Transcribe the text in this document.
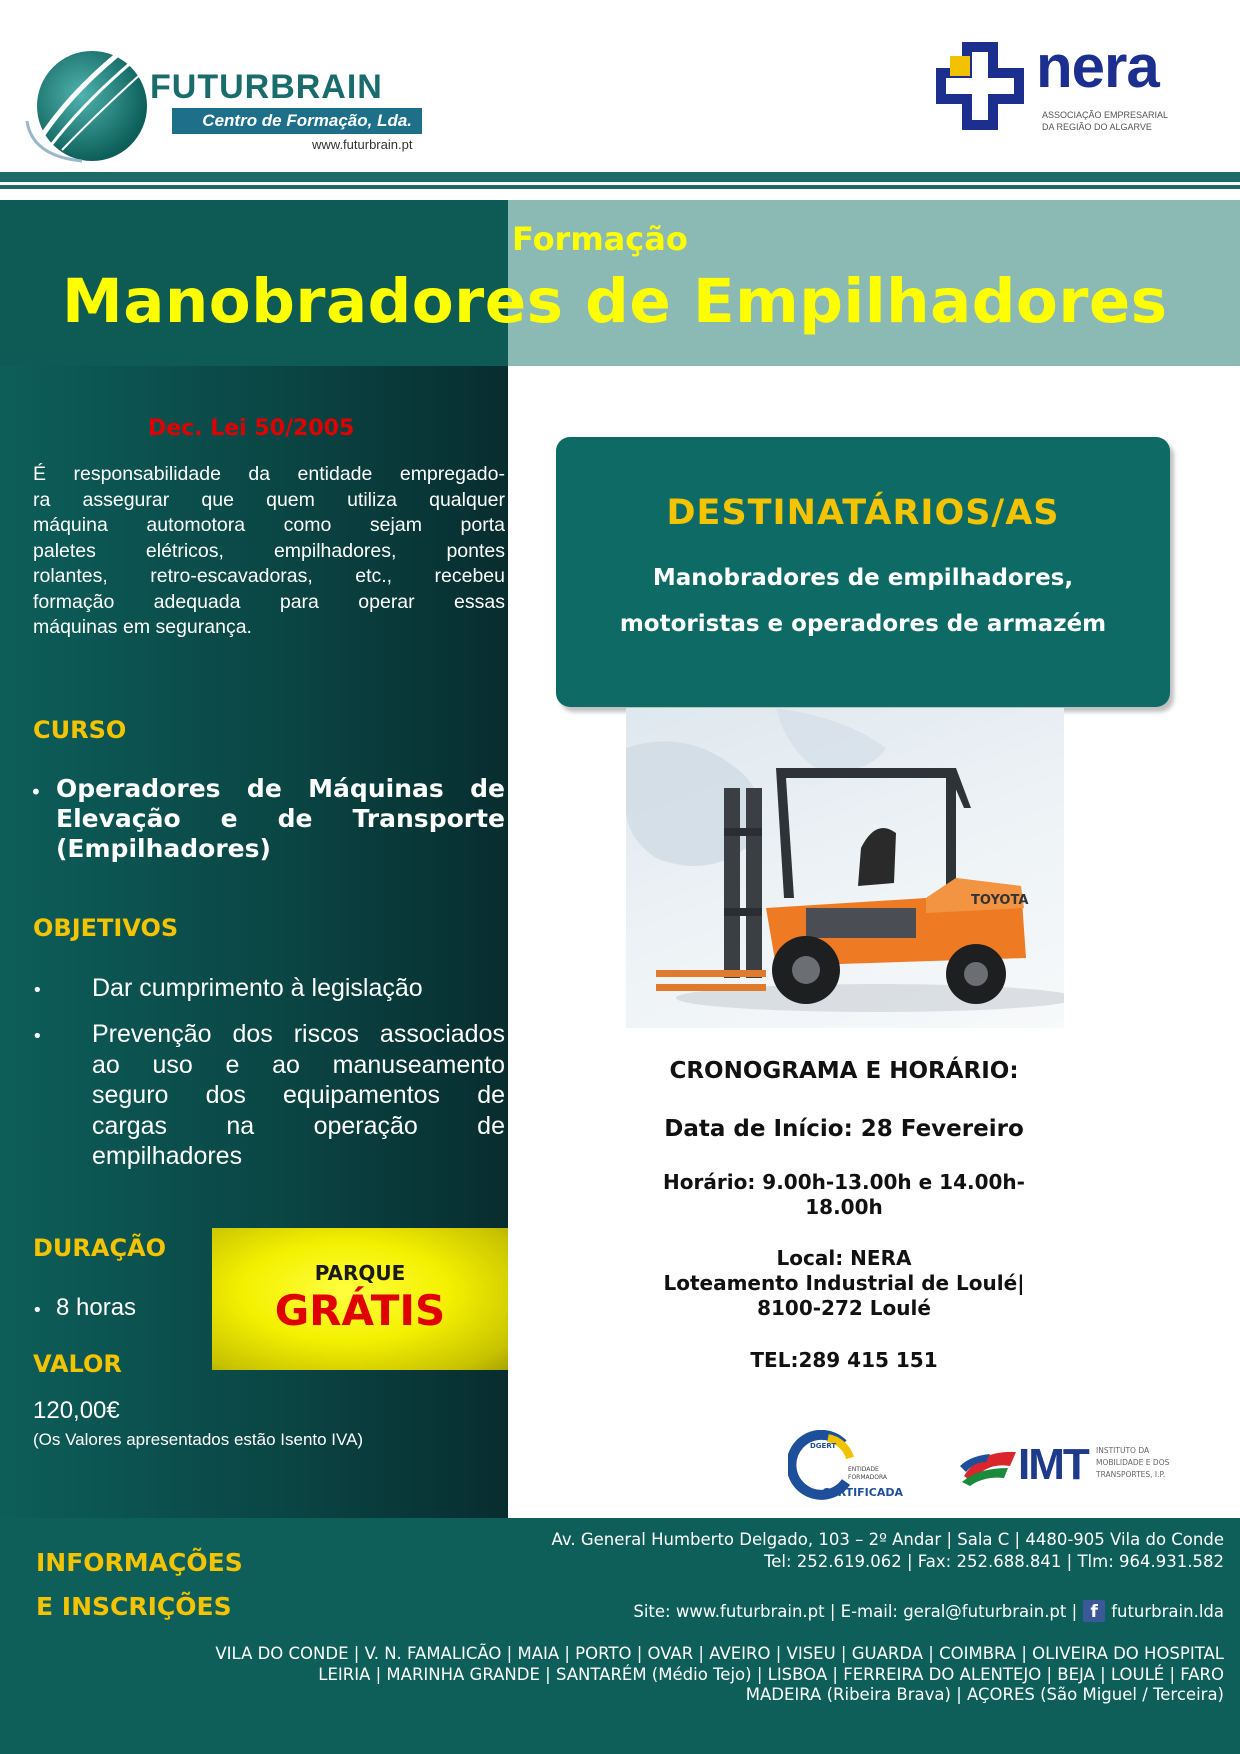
FUTURBRAIN
Centro de Formação, Lda.
www.futurbrain.pt
nera
ASSOCIAÇÃO EMPRESARIAL
DA REGIÃO DO ALGARVE
Formação
Manobradores de Empilhadores
Dec. Lei 50/2005
É responsabilidade da entidade empregado-
ra assegurar que quem utiliza qualquer
máquina automotora como sejam porta
paletes elétricos, empilhadores, pontes
rolantes, retro-escavadoras, etc., recebeu
formação adequada para operar essas
máquinas em segurança.
CURSO
• Operadores de Máquinas de
Elevação e de Transporte
(Empilhadores)
OBJETIVOS
• Dar cumprimento à legislação
• Prevenção dos riscos associados
ao uso e ao manuseamento
seguro dos equipamentos de
cargas na operação de
empilhadores
DURAÇÃO
• 8 horas
VALOR
120,00€
(Os Valores apresentados estão Isento IVA)
PARQUE
GRÁTIS
DESTINATÁRIOS/AS
Manobradores de empilhadores,
motoristas e operadores de armazém
TOYOTA
CRONOGRAMA E HORÁRIO:
Data de Início: 28 Fevereiro
Horário: 9.00h-13.00h e 14.00h-
18.00h
Local: NERA
Loteamento Industrial de Loulé|
8100-272 Loulé
TEL:289 415 151
DGERT
ENTIDADE
FORMADORA
CERTIFICADA
IMT INSTITUTO DA
MOBILIDADE E DOS
TRANSPORTES, I.P.
INFORMAÇÕES
E INSCRIÇÕES
Av. General Humberto Delgado, 103 – 2º Andar | Sala C | 4480-905 Vila do Conde
Tel: 252.619.062 | Fax: 252.688.841 | Tlm: 964.931.582
Site: www.futurbrain.pt | E-mail: geral@futurbrain.pt | f futurbrain.lda
VILA DO CONDE | V. N. FAMALICÃO | MAIA | PORTO | OVAR | AVEIRO | VISEU | GUARDA | COIMBRA | OLIVEIRA DO HOSPITAL
LEIRIA | MARINHA GRANDE | SANTARÉM (Médio Tejo) | LISBOA | FERREIRA DO ALENTEJO | BEJA | LOULÉ | FARO
MADEIRA (Ribeira Brava) | AÇORES (São Miguel / Terceira)
